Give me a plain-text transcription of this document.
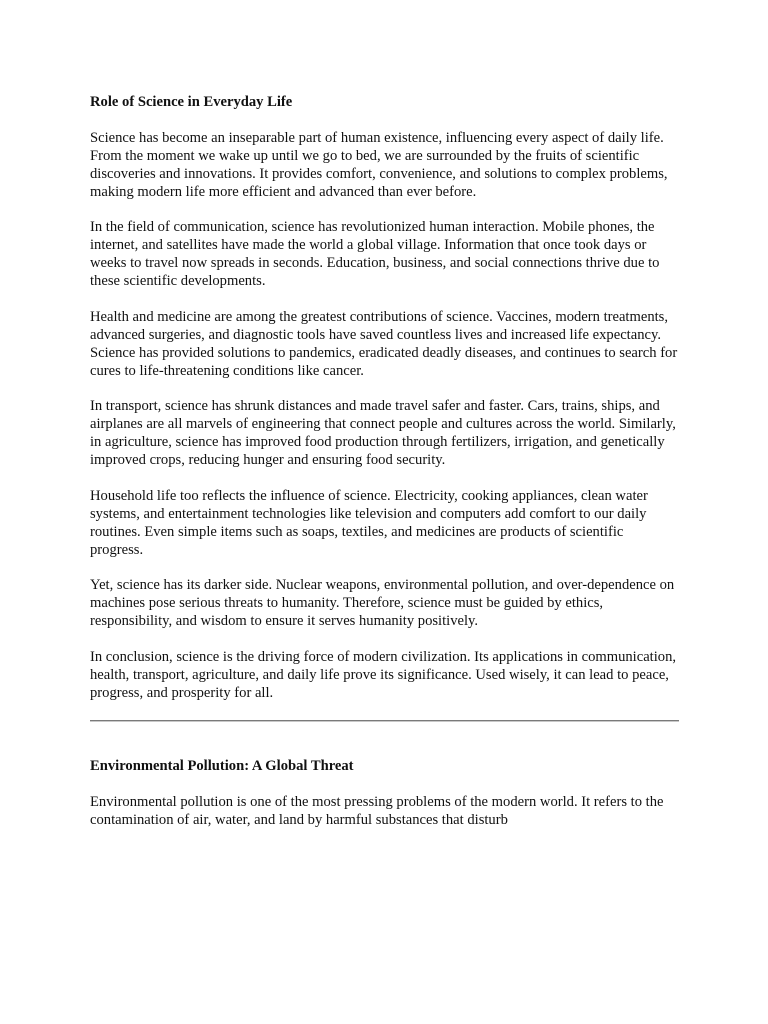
Role of Science in Everyday Life

Science has become an inseparable part of human existence, influencing every aspect of daily life. From the moment we wake up until we go to bed, we are surrounded by the fruits of scientific discoveries and innovations. It provides comfort, convenience, and solutions to complex problems, making modern life more efficient and advanced than ever before.

In the field of communication, science has revolutionized human interaction. Mobile phones, the internet, and satellites have made the world a global village. Information that once took days or weeks to travel now spreads in seconds. Education, business, and social connections thrive due to these scientific developments.

Health and medicine are among the greatest contributions of science. Vaccines, modern treatments, advanced surgeries, and diagnostic tools have saved countless lives and increased life expectancy. Science has provided solutions to pandemics, eradicated deadly diseases, and continues to search for cures to life-threatening conditions like cancer.

In transport, science has shrunk distances and made travel safer and faster. Cars, trains, ships, and airplanes are all marvels of engineering that connect people and cultures across the world. Similarly, in agriculture, science has improved food production through fertilizers, irrigation, and genetically improved crops, reducing hunger and ensuring food security.

Household life too reflects the influence of science. Electricity, cooking appliances, clean water systems, and entertainment technologies like television and computers add comfort to our daily routines. Even simple items such as soaps, textiles, and medicines are products of scientific progress.

Yet, science has its darker side. Nuclear weapons, environmental pollution, and over-dependence on machines pose serious threats to humanity. Therefore, science must be guided by ethics, responsibility, and wisdom to ensure it serves humanity positively.

In conclusion, science is the driving force of modern civilization. Its applications in communication, health, transport, agriculture, and daily life prove its significance. Used wisely, it can lead to peace, progress, and prosperity for all.

Environmental Pollution: A Global Threat

Environmental pollution is one of the most pressing problems of the modern world. It refers to the contamination of air, water, and land by harmful substances that disturb
